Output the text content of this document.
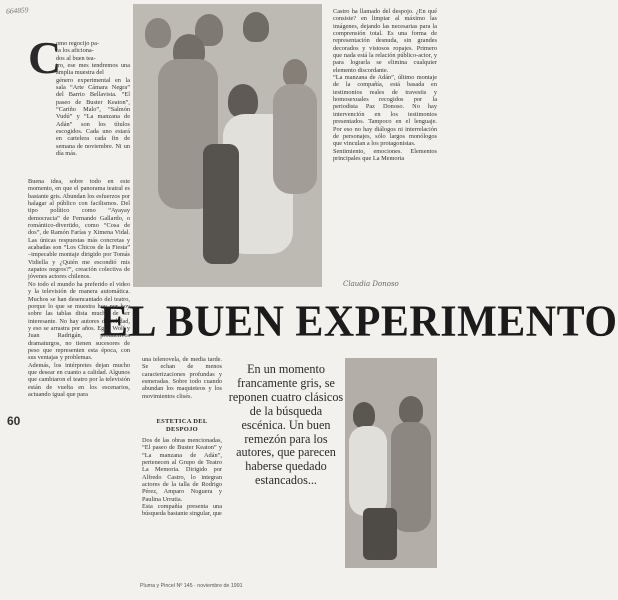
664859
C
omo regocijo pa-
ra los aficiona-
dos al buen tea-
tro, ese mes tendremos una amplia muestra del
género experimental en la sala “Arte Cámara Negra” del Barrio Bellavista. “El paseo de Buster Keaton”, “Cariño Malo”, “Salmón Vudú” y “La manzana de Adán” son los títulos escogidos. Cada uno estará en cartelera cada fin de semana de noviembre. Ni un día más.
Buena idea, sobre todo en este momento, en que el panorama teatral es bastante gris. Abundan los esfuerzos por halagar al público con facilismos. Del tipo político como “Ayayay democracia” de Fernando Gallardo, o romántico-divertido, como “Cosa de dos”, de Ramón Farías y Ximena Vidal. Las únicas respuestas más concretas y acabadas son “Los Chicos de la Fiesta” –impecable montaje dirigido por Tomás Vidiella y ¿Quién me escondió mis zapatos negros?”, creación colectiva de jóvenes actores chilenos.
No todo el mundo ha preferido el video y la televisión de manera automática. Muchos se han desencantado del teatro, porque lo que se muestra hoy por hoy sobre las tablas dista mucho de ser interesante. No hay autores de calidad, y eso se arrastra por años. Egon Wolf y Juan Radrigán, productivos dramaturgos, no tienen sucesores de peso que representen esta época, con sus ventajas y problemas.
Además, los intérpretes dejan mucho que desear en cuanto a calidad. Algunos que cambiaron el teatro por la televisión están de vuelta en los escenarios, actuando igual que para
Castro ha llamado del despojo. ¿En qué consiste? en limpiar al máximo las imágenes, dejando las necesarias para la comprensión total. Es una forma de representación desnuda, sin grandes decorados y vistosos ropajes. Primero que nada está la relación público-actor, y para lograrla se elimina cualquier elemento discordante.
“La manzana de Adán”, último montaje de la compañía, está basada en testimonios reales de travestis y homosexuales recogidos por la periodista Paz Donoso. No hay intervención en los testimonios presentados. Tampoco en el lenguaje. Por eso no hay diálogos ni interrelación de personajes, sólo largos monólogos que vinculan a los protagonistas.
Sentimiento, emociones. Elementos principales que La Memoria
Claudia Donoso
EL BUEN EXPERIMENTO
una telenovela, de media tarde. Se echan de menos caracterizaciones profundas y esmeradas. Sobre todo cuando abundan los maquieteos y los movimientos clisés.
ESTETICA DEL DESPOJO
Dos de las obras mencionadas, “El paseo de Buster Keaton” y “La manzana de Adán”, pertenecen al Grupo de Teatro La Memoria. Dirigido por Alfredo Castro, lo integran actores de la talla de Rodrigo Pérez, Amparo Noguera y Paulina Urrutia.
Esta compañía presenta una búsqueda bastante singular, que
En un momento francamente gris, se reponen cuatro clásicos de la búsqueda escénica. Un buen remezón para los autores, que parecen haberse quedado estancados...
60
Pluma y Pincel Nº 145 · noviembre de 1991
